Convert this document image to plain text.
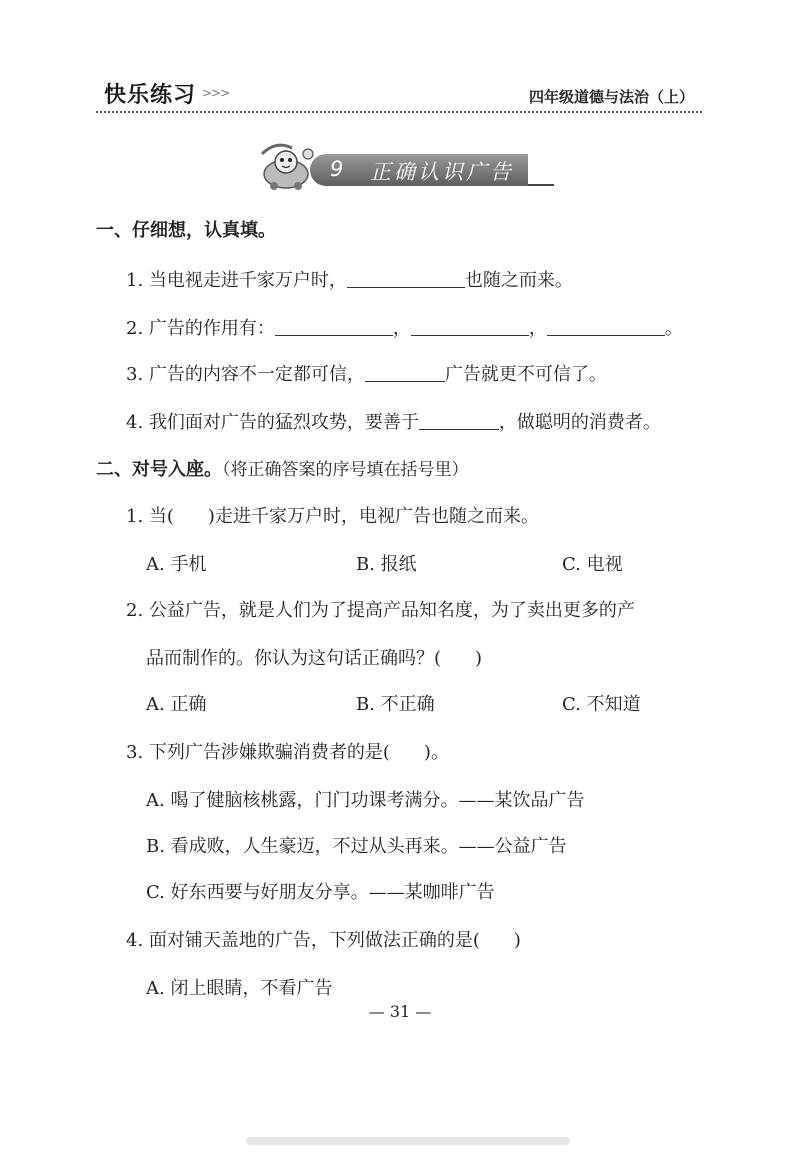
快乐练习 >>>	四年级道德与法治（上）
9 正确认识广告
一、仔细想，认真填。
1. 当电视走进千家万户时，	也随之而来。
2. 广告的作用有：	，	，	。
3. 广告的内容不一定都可信，	广告就更不可信了。
4. 我们面对广告的猛烈攻势，要善于	，做聪明的消费者。
二、对号入座。（将正确答案的序号填在括号里）
1. 当( )走进千家万户时，电视广告也随之而来。
A. 手机	B. 报纸	C. 电视
2. 公益广告，就是人们为了提高产品知名度，为了卖出更多的产
品而制作的。你认为这句话正确吗？( )
A. 正确	B. 不正确	C. 不知道
3. 下列广告涉嫌欺骗消费者的是( )。
A. 喝了健脑核桃露，门门功课考满分。——某饮品广告
B. 看成败，人生豪迈，不过从头再来。——公益广告
C. 好东西要与好朋友分享。——某咖啡广告
4. 面对铺天盖地的广告，下列做法正确的是( )
A. 闭上眼睛，不看广告
— 31 —
